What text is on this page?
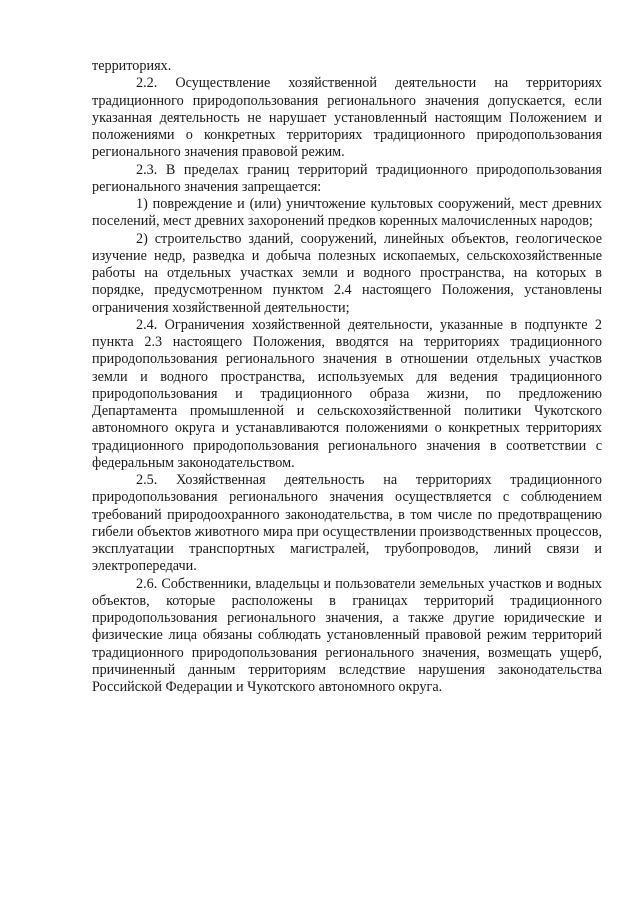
территориях.

2.2. Осуществление хозяйственной деятельности на территориях традиционного природопользования регионального значения допускается, если указанная деятельность не нарушает установленный настоящим Положением и положениями о конкретных территориях традиционного природопользования регионального значения правовой режим.

2.3. В пределах границ территорий традиционного природопользования регионального значения запрещается:

1) повреждение и (или) уничтожение культовых сооружений, мест древних поселений, мест древних захоронений предков коренных малочисленных народов;

2) строительство зданий, сооружений, линейных объектов, геологическое изучение недр, разведка и добыча полезных ископаемых, сельскохозяйственные работы на отдельных участках земли и водного пространства, на которых в порядке, предусмотренном пунктом 2.4 настоящего Положения, установлены ограничения хозяйственной деятельности;

2.4. Ограничения хозяйственной деятельности, указанные в подпункте 2 пункта 2.3 настоящего Положения, вводятся на территориях традиционного природопользования регионального значения в отношении отдельных участков земли и водного пространства, используемых для ведения традиционного природопользования и традиционного образа жизни, по предложению Департамента промышленной и сельскохозяйственной политики Чукотского автономного округа и устанавливаются положениями о конкретных территориях традиционного природопользования регионального значения в соответствии с федеральным законодательством.

2.5. Хозяйственная деятельность на территориях традиционного природопользования регионального значения осуществляется с соблюдением требований природоохранного законодательства, в том числе по предотвращению гибели объектов животного мира при осуществлении производственных процессов, эксплуатации транспортных магистралей, трубопроводов, линий связи и электропередачи.

2.6. Собственники, владельцы и пользователи земельных участков и водных объектов, которые расположены в границах территорий традиционного природопользования регионального значения, а также другие юридические и физические лица обязаны соблюдать установленный правовой режим территорий традиционного природопользования регионального значения, возмещать ущерб, причиненный данным территориям вследствие нарушения законодательства Российской Федерации и Чукотского автономного округа.
